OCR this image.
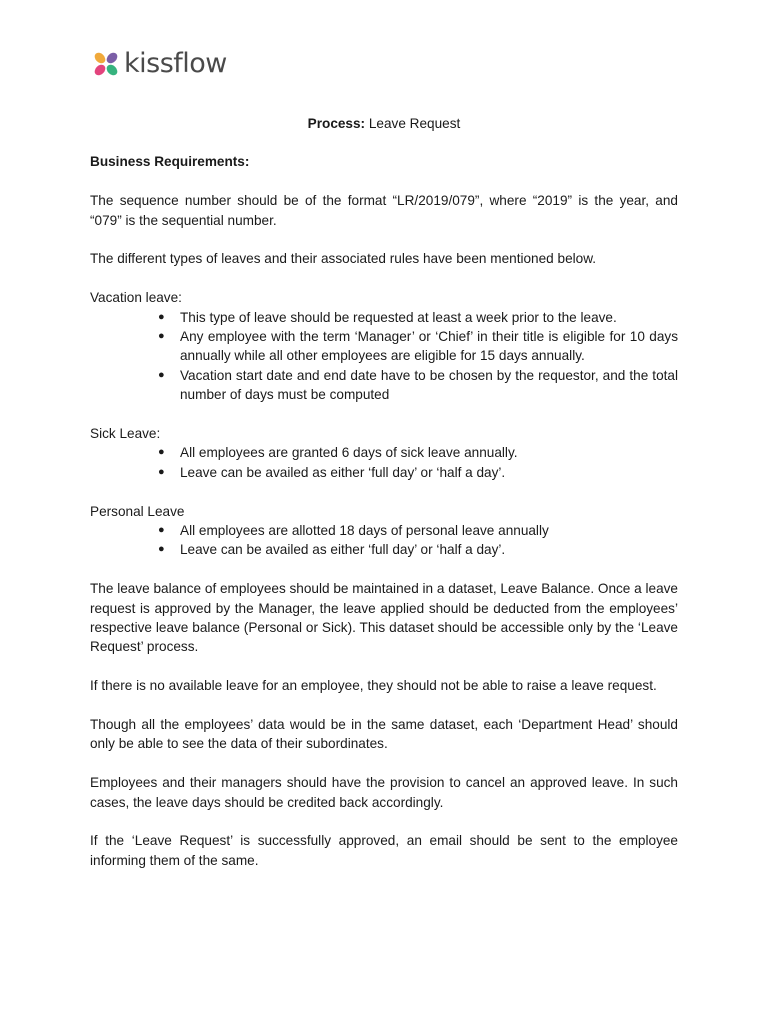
kissflow
Process: Leave Request

Business Requirements:

The sequence number should be of the format “LR/2019/079”, where “2019” is the year, and “079” is the sequential number.

The different types of leaves and their associated rules have been mentioned below.

Vacation leave:
● This type of leave should be requested at least a week prior to the leave.
● Any employee with the term ‘Manager’ or ‘Chief’ in their title is eligible for 10 days annually while all other employees are eligible for 15 days annually.
● Vacation start date and end date have to be chosen by the requestor, and the total number of days must be computed
Sick Leave:
● All employees are granted 6 days of sick leave annually.
● Leave can be availed as either ‘full day’ or ‘half a day’.
Personal Leave
● All employees are allotted 18 days of personal leave annually
● Leave can be availed as either ‘full day’ or ‘half a day’.

The leave balance of employees should be maintained in a dataset, Leave Balance. Once a leave request is approved by the Manager, the leave applied should be deducted from the employees’ respective leave balance (Personal or Sick). This dataset should be accessible only by the ‘Leave Request’ process.

If there is no available leave for an employee, they should not be able to raise a leave request.

Though all the employees’ data would be in the same dataset, each ‘Department Head’ should only be able to see the data of their subordinates.

Employees and their managers should have the provision to cancel an approved leave. In such cases, the leave days should be credited back accordingly.

If the ‘Leave Request’ is successfully approved, an email should be sent to the employee informing them of the same.
